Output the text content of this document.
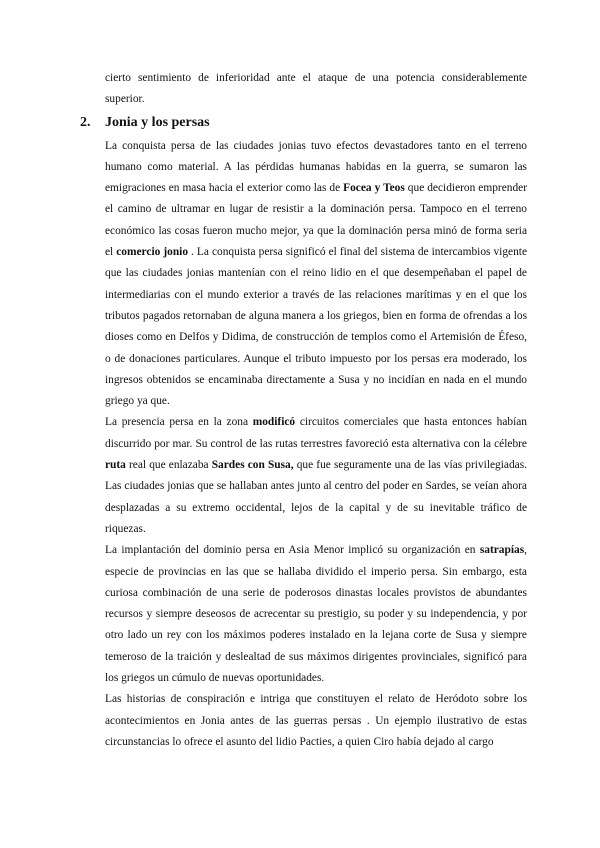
cierto sentimiento de inferioridad ante el ataque de una potencia considerablemente superior.

2. Jonia y los persas

La conquista persa de las ciudades jonias tuvo efectos devastadores tanto en el terreno humano como material. A las pérdidas humanas habidas en la guerra, se sumaron las emigraciones en masa hacia el exterior como las de Focea y Teos que decidieron emprender el camino de ultramar en lugar de resistir a la dominación persa. Tampoco en el terreno económico las cosas fueron mucho mejor, ya que la dominación persa minó de forma seria el comercio jonio . La conquista persa significó el final del sistema de intercambios vigente que las ciudades jonias mantenían con el reino lidio en el que desempeñaban el papel de intermediarias con el mundo exterior a través de las relaciones marítimas y en el que los tributos pagados retornaban de alguna manera a los griegos, bien en forma de ofrendas a los dioses como en Delfos y Didima, de construcción de templos como el Artemisión de Éfeso, o de donaciones particulares. Aunque el tributo impuesto por los persas era moderado, los ingresos obtenidos se encaminaba directamente a Susa y no incidían en nada en el mundo griego ya que.

La presencia persa en la zona modificó circuitos comerciales que hasta entonces habían discurrido por mar. Su control de las rutas terrestres favoreció esta alternativa con la célebre ruta real que enlazaba Sardes con Susa, que fue seguramente una de las vías privilegiadas. Las ciudades jonias que se hallaban antes junto al centro del poder en Sardes, se veían ahora desplazadas a su extremo occidental, lejos de la capital y de su inevitable tráfico de riquezas.

La implantación del dominio persa en Asia Menor implicó su organización en satrapías, especie de provincias en las que se hallaba dividido el imperio persa. Sin embargo, esta curiosa combinación de una serie de poderosos dinastas locales provistos de abundantes recursos y siempre deseosos de acrecentar su prestigio, su poder y su independencia, y por otro lado un rey con los máximos poderes instalado en la lejana corte de Susa y siempre temeroso de la traición y deslealtad de sus máximos dirigentes provinciales, significó para los griegos un cúmulo de nuevas oportunidades.

Las historias de conspiración e intriga que constituyen el relato de Heródoto sobre los acontecimientos en Jonia antes de las guerras persas . Un ejemplo ilustrativo de estas circunstancias lo ofrece el asunto del lidio Pacties, a quien Ciro había dejado al cargo
